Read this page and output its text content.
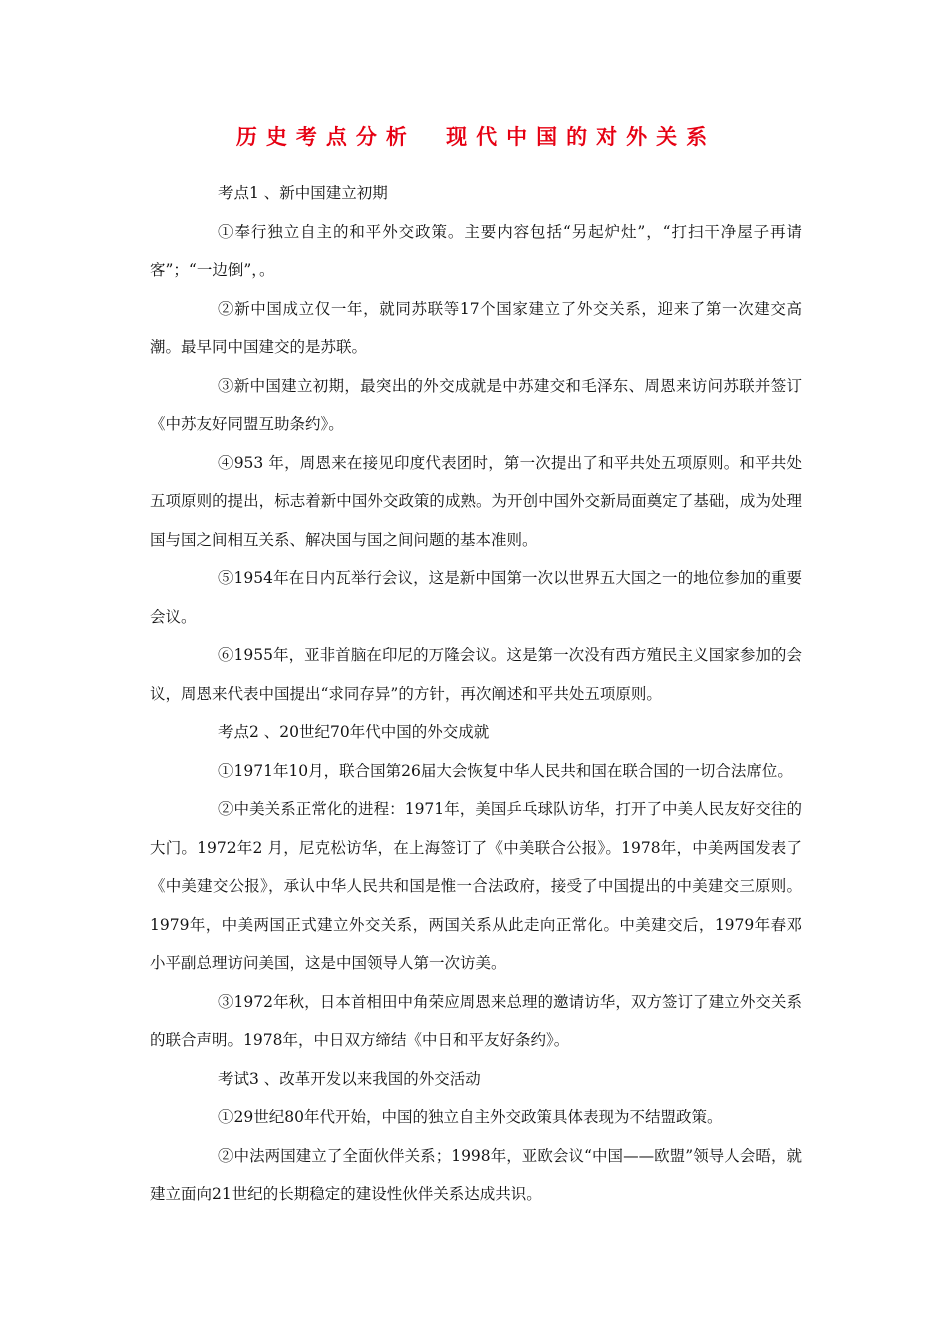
历史考点分析 现代中国的对外关系

考点1 、新中国建立初期

①奉行独立自主的和平外交政策。主要内容包括“另起炉灶”，“打扫干净屋子再请客”；“一边倒”，。

②新中国成立仅一年，就同苏联等17个国家建立了外交关系，迎来了第一次建交高潮。最早同中国建交的是苏联。

③新中国建立初期，最突出的外交成就是中苏建交和毛泽东、周恩来访问苏联并签订《中苏友好同盟互助条约》。

④953 年，周恩来在接见印度代表团时，第一次提出了和平共处五项原则。和平共处五项原则的提出，标志着新中国外交政策的成熟。为开创中国外交新局面奠定了基础，成为处理国与国之间相互关系、解决国与国之间问题的基本准则。

⑤1954年在日内瓦举行会议，这是新中国第一次以世界五大国之一的地位参加的重要会议。

⑥1955年，亚非首脑在印尼的万隆会议。这是第一次没有西方殖民主义国家参加的会议，周恩来代表中国提出“求同存异”的方针，再次阐述和平共处五项原则。

考点2 、20世纪70年代中国的外交成就

①1971年10月，联合国第26届大会恢复中华人民共和国在联合国的一切合法席位。

②中美关系正常化的进程：1971年，美国乒乓球队访华，打开了中美人民友好交往的大门。1972年2 月，尼克松访华，在上海签订了《中美联合公报》。1978年，中美两国发表了《中美建交公报》，承认中华人民共和国是惟一合法政府，接受了中国提出的中美建交三原则。1979年，中美两国正式建立外交关系，两国关系从此走向正常化。中美建交后，1979年春邓小平副总理访问美国，这是中国领导人第一次访美。

③1972年秋，日本首相田中角荣应周恩来总理的邀请访华，双方签订了建立外交关系的联合声明。1978年，中日双方缔结《中日和平友好条约》。

考试3 、改革开发以来我国的外交活动

①29世纪80年代开始，中国的独立自主外交政策具体表现为不结盟政策。

②中法两国建立了全面伙伴关系；1998年，亚欧会议“中国——欧盟”领导人会晤，就建立面向21世纪的长期稳定的建设性伙伴关系达成共识。
